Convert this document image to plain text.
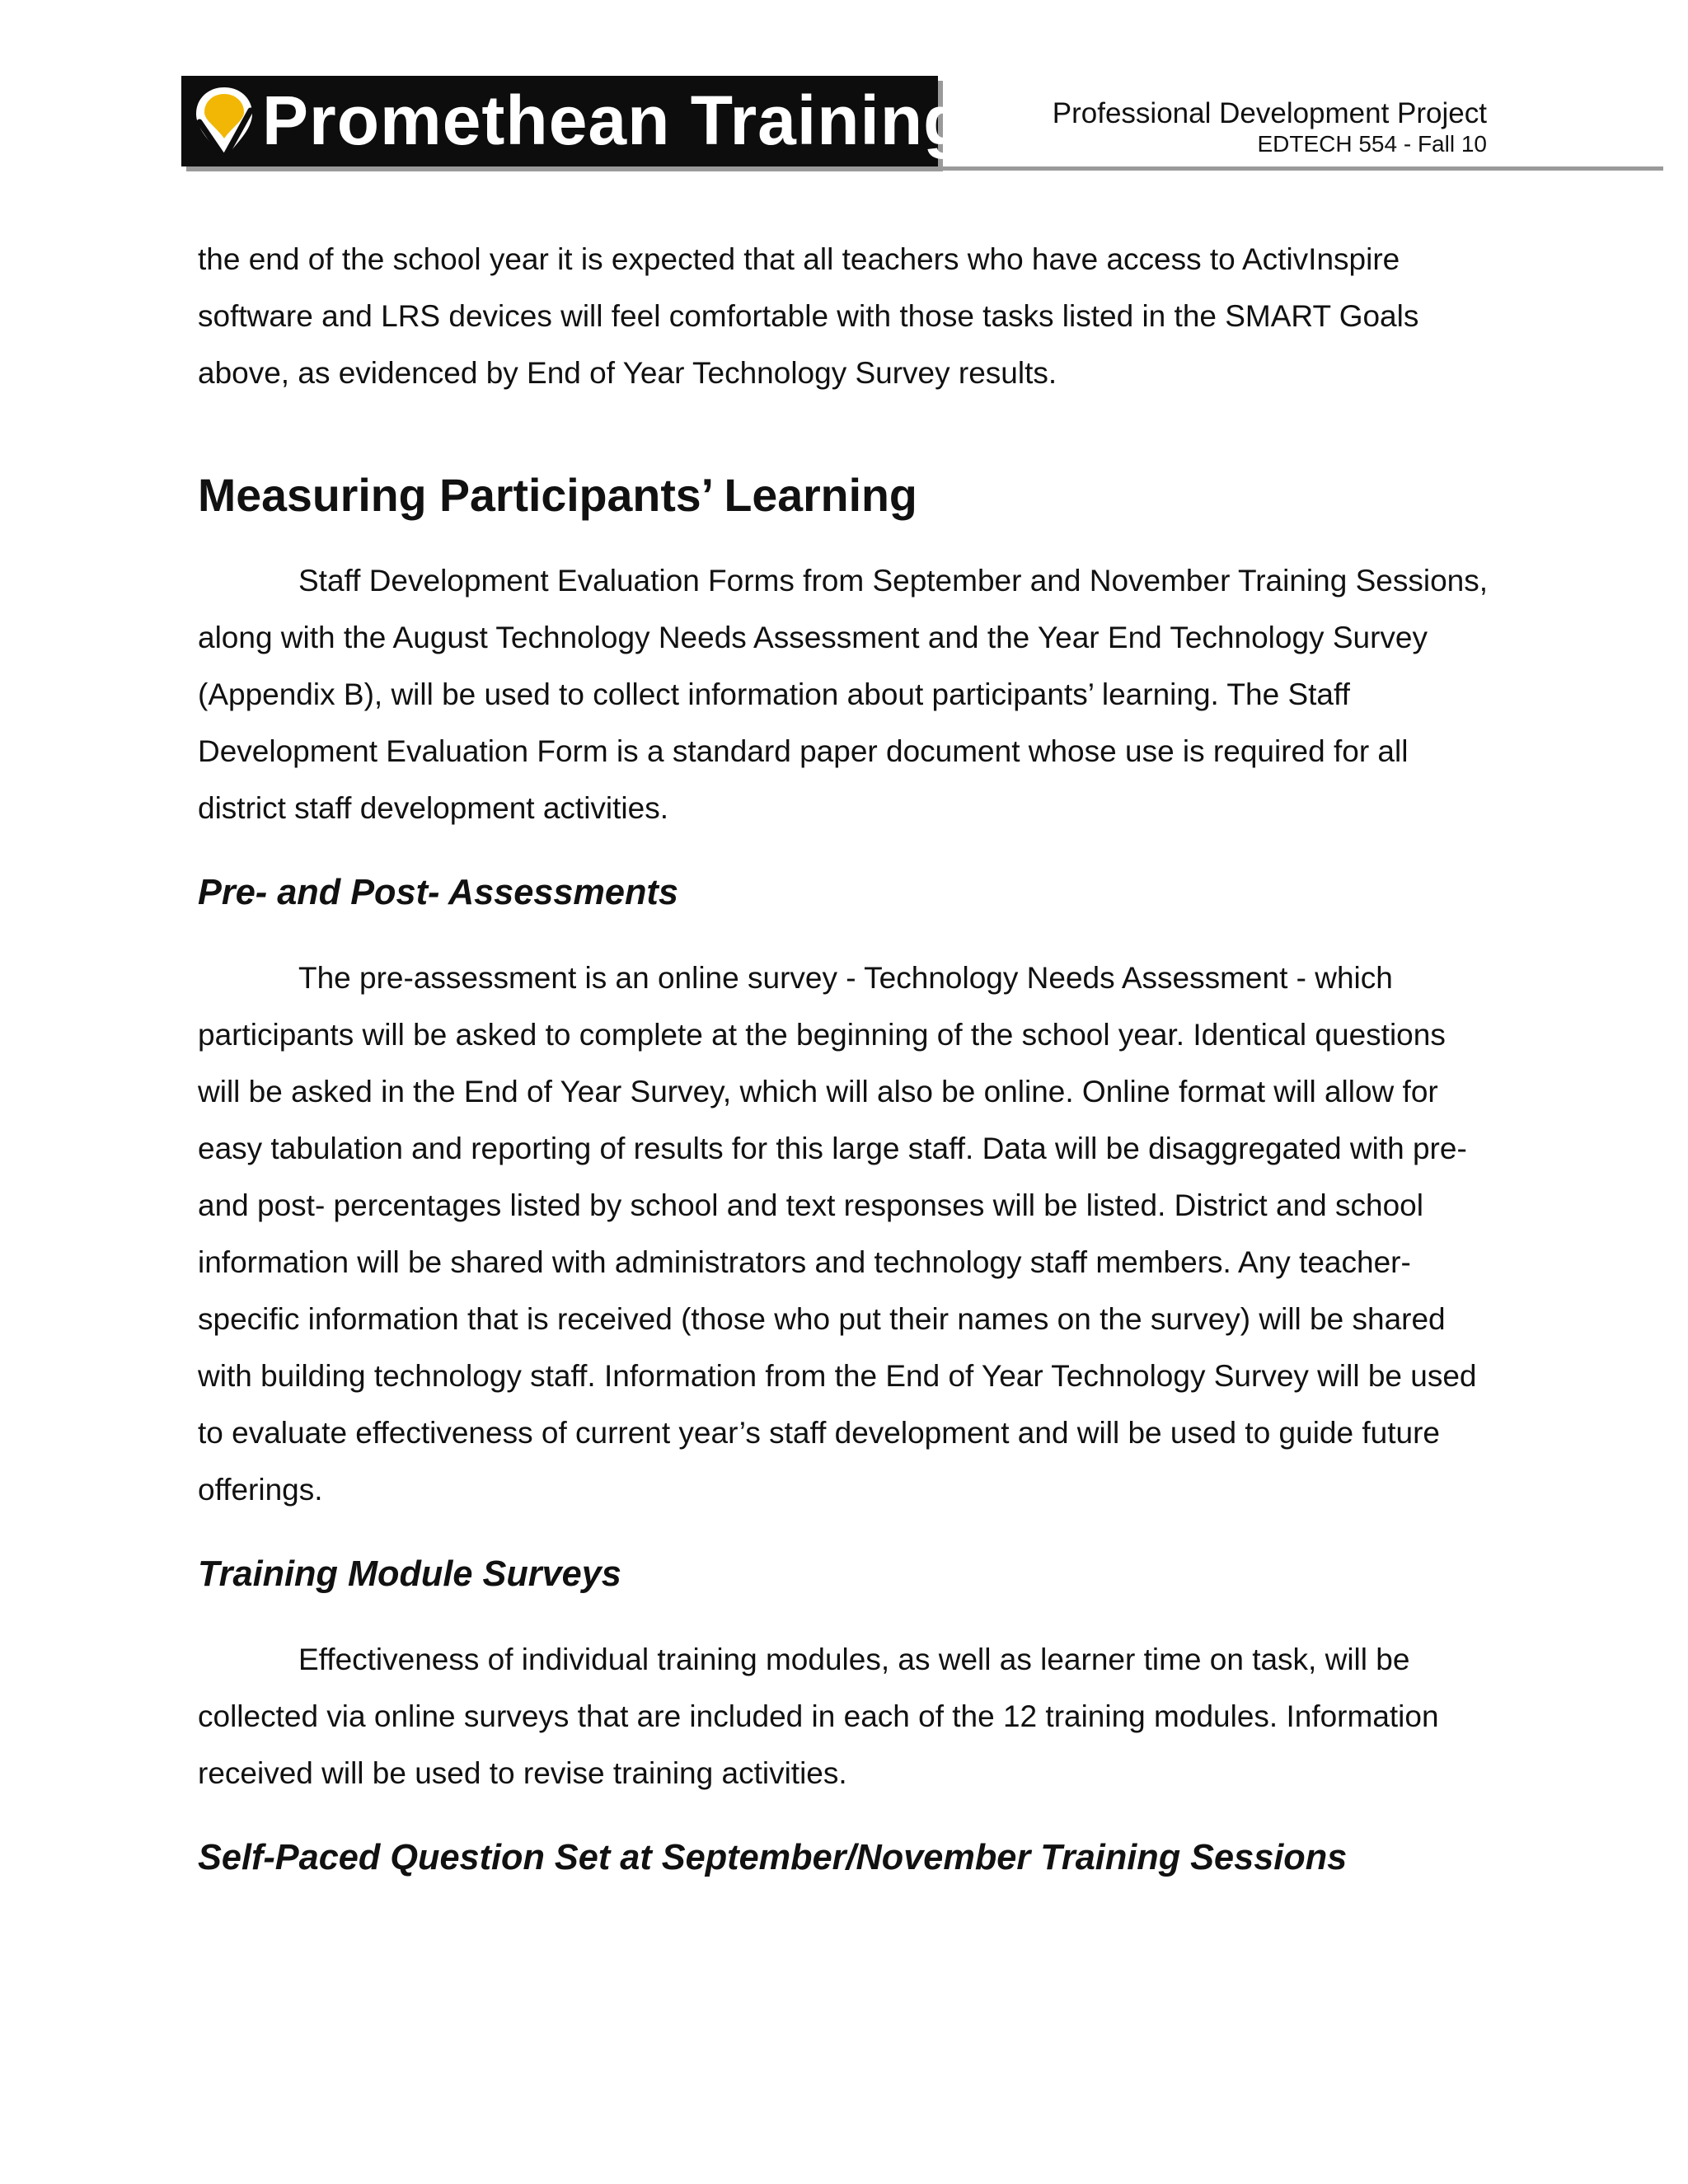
Promethean Training	Professional Development Project
EDTECH 554 - Fall 10

the end of the school year it is expected that all teachers who have access to ActivInspire software and LRS devices will feel comfortable with those tasks listed in the SMART Goals above, as evidenced by End of Year Technology Survey results.

Measuring Participants’ Learning

Staff Development Evaluation Forms from September and November Training Sessions, along with the August Technology Needs Assessment and the Year End Technology Survey (Appendix B), will be used to collect information about participants’ learning. The Staff Development Evaluation Form is a standard paper document whose use is required for all district staff development activities.

Pre- and Post- Assessments

The pre-assessment is an online survey - Technology Needs Assessment - which participants will be asked to complete at the beginning of the school year. Identical questions will be asked in the End of Year Survey, which will also be online. Online format will allow for easy tabulation and reporting of results for this large staff. Data will be disaggregated with pre- and post- percentages listed by school and text responses will be listed. District and school information will be shared with administrators and technology staff members. Any teacher-specific information that is received (those who put their names on the survey) will be shared with building technology staff. Information from the End of Year Technology Survey will be used to evaluate effectiveness of current year’s staff development and will be used to guide future offerings.

Training Module Surveys

Effectiveness of individual training modules, as well as learner time on task, will be collected via online surveys that are included in each of the 12 training modules. Information received will be used to revise training activities.

Self-Paced Question Set at September/November Training Sessions
